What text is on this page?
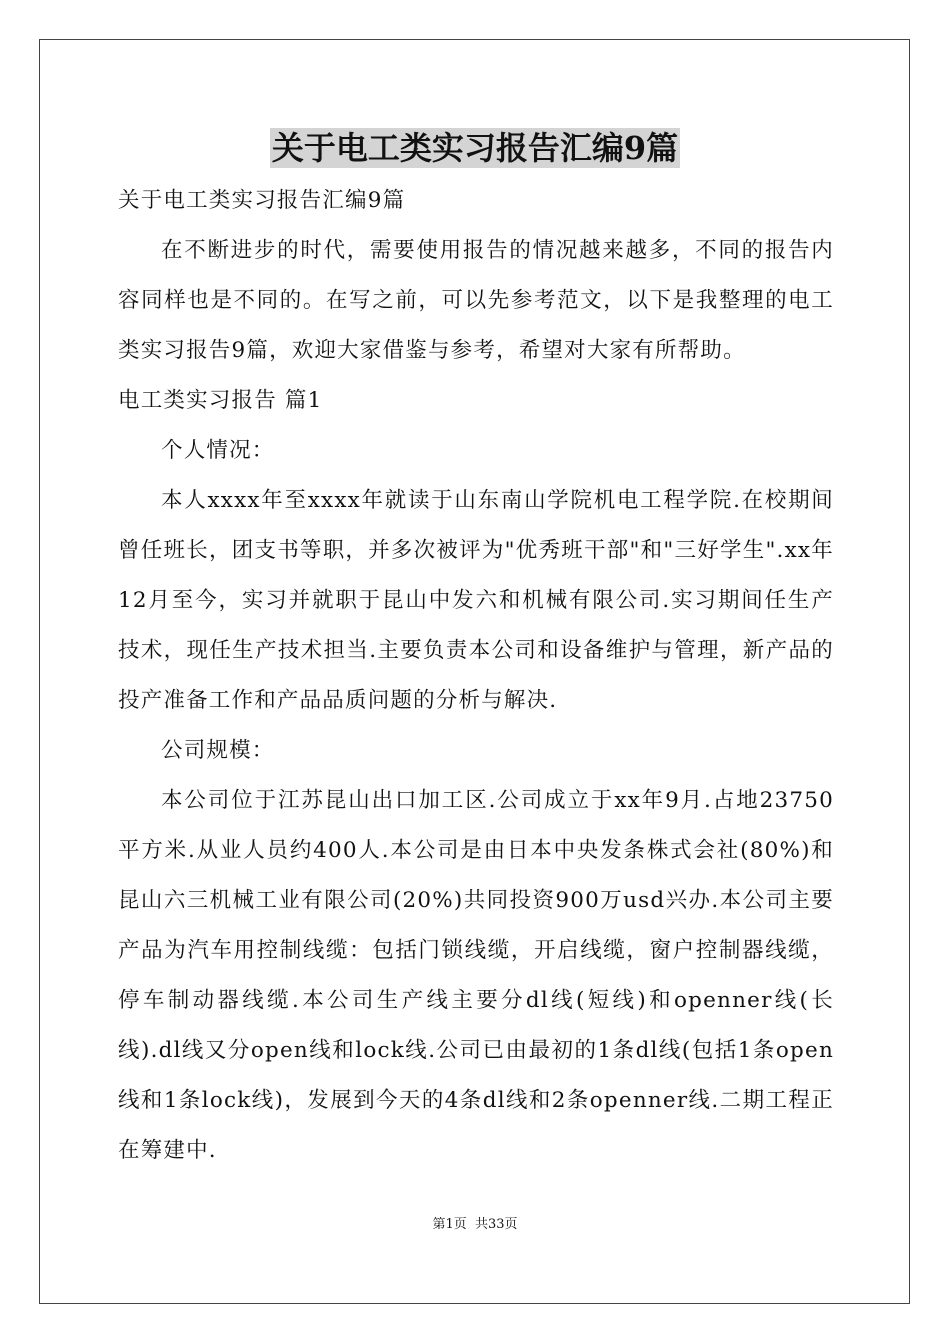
关于电工类实习报告汇编9篇

关于电工类实习报告汇编9篇

在不断进步的时代，需要使用报告的情况越来越多，不同的报告内容同样也是不同的。在写之前，可以先参考范文，以下是我整理的电工类实习报告9篇，欢迎大家借鉴与参考，希望对大家有所帮助。

电工类实习报告 篇1

个人情况：

本人xxxx年至xxxx年就读于山东南山学院机电工程学院.在校期间曾任班长，团支书等职，并多次被评为"优秀班干部"和"三好学生".xx年12月至今，实习并就职于昆山中发六和机械有限公司.实习期间任生产技术，现任生产技术担当.主要负责本公司和设备维护与管理，新产品的投产准备工作和产品品质问题的分析与解决.

公司规模：

本公司位于江苏昆山出口加工区.公司成立于xx年9月.占地23750平方米.从业人员约400人.本公司是由日本中央发条株式会社(80%)和昆山六三机械工业有限公司(20%)共同投资900万usd兴办.本公司主要产品为汽车用控制线缆：包括门锁线缆，开启线缆，窗户控制器线缆，停车制动器线缆.本公司生产线主要分dl线(短线)和openner线(长线).dl线又分open线和lock线.公司已由最初的1条dl线(包括1条open线和1条lock线)，发展到今天的4条dl线和2条openner线.二期工程正在筹建中.

第1页 共33页
